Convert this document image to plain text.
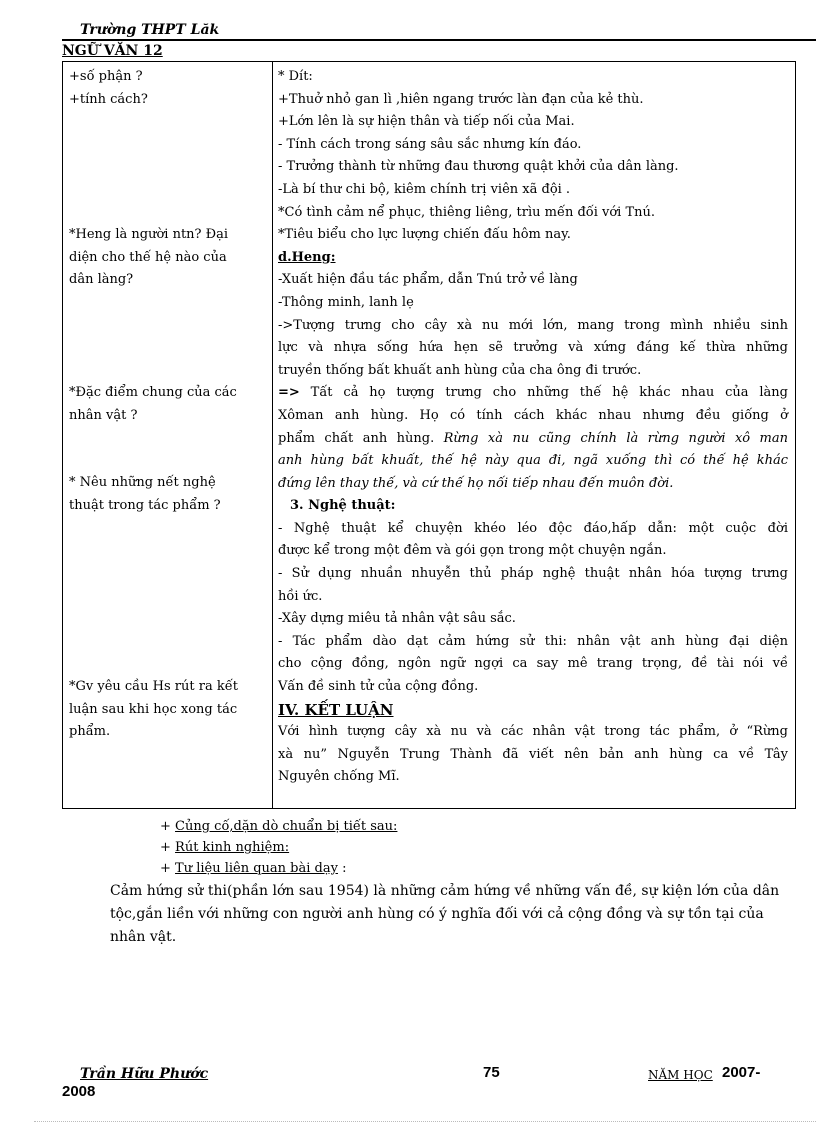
Trường THPT Lăk
NGỮ VĂN 12
+số phận ?
+tính cách?

*Heng là người ntn? Đại

diện cho thế hệ nào của

dân làng?

*Đặc điểm chung của các

nhân vật ?

* Nêu những nết nghệ

thuật trong tác phẩm ?

*Gv yêu cầu Hs rút ra kết

luận sau khi học xong tác

phẩm.

* Dít:

+Thuở nhỏ gan lì ,hiên ngang trước làn đạn của kẻ thù.

+Lớn lên là sự hiện thân và tiếp nối của Mai.

- Tính cách trong sáng sâu sắc nhưng kín đáo.

- Trưởng thành từ những đau thương quật khởi của dân làng.

-Là bí thư chi bộ, kiêm chính trị viên xã đội .

*Có tình cảm nể phục, thiêng liêng, trìu mến đối với Tnú.

*Tiêu biểu cho lực lượng chiến đấu hôm nay.

d.Heng:

-Xuất hiện đầu tác phẩm, dẫn Tnú trở về làng

-Thông minh, lanh lẹ

->Tượng trưng cho cây xà nu mới lớn, mang trong mình nhiều sinh

lực và nhựa sống hứa hẹn sẽ trưởng và xứng đáng kế thừa những

truyền thống bất khuất anh hùng của cha ông đi trước.

=> Tất cả họ tượng trưng cho những thế hệ khác nhau của làng

Xôman anh hùng. Họ có tính cách khác nhau nhưng đều giống ở

phẩm chất anh hùng. Rừng xà nu cũng chính là rừng người xô man

anh hùng bất khuất, thế hệ này qua đi, ngã xuống thì có thế hệ khác

đứng lên thay thế, và cứ thế họ nối tiếp nhau đến muôn đời.

3. Nghệ thuật:

- Nghệ thuật kể chuyện khéo léo độc đáo,hấp dẫn: một cuộc đời

được kể trong một đêm và gói gọn trong một chuyện ngắn.

- Sử dụng nhuần nhuyễn thủ pháp nghệ thuật nhân hóa tượng trưng

hồi ức.

-Xây dựng miêu tả nhân vật sâu sắc.

- Tác phẩm dào dạt cảm hứng sử thi: nhân vật anh hùng đại diện

cho cộng đồng, ngôn ngữ ngợi ca say mê trang trọng, đề tài nói về

Vấn đề sinh tử của cộng đồng.

IV. KẾT LUẬN

Với hình tượng cây xà nu và các nhân vật trong tác phẩm, ở “Rừng

xà nu” Nguyễn Trung Thành đã viết nên bản anh hùng ca về Tây

Nguyên chống Mĩ.

+ Củng cố,dặn dò chuẩn bị tiết sau:
+ Rút kinh nghiệm:
+ Tư liệu liên quan bài dạy :
Cảm hứng sử thi(phần lớn sau 1954) là những cảm hứng về những vấn đề, sự kiện lớn của dân tộc,gắn liền với những con người anh hùng có ý nghĩa đối với cả cộng đồng và sự tồn tại của nhân vật.
Trần Hữu Phước	75	NĂM HỌC 2007-
2008
